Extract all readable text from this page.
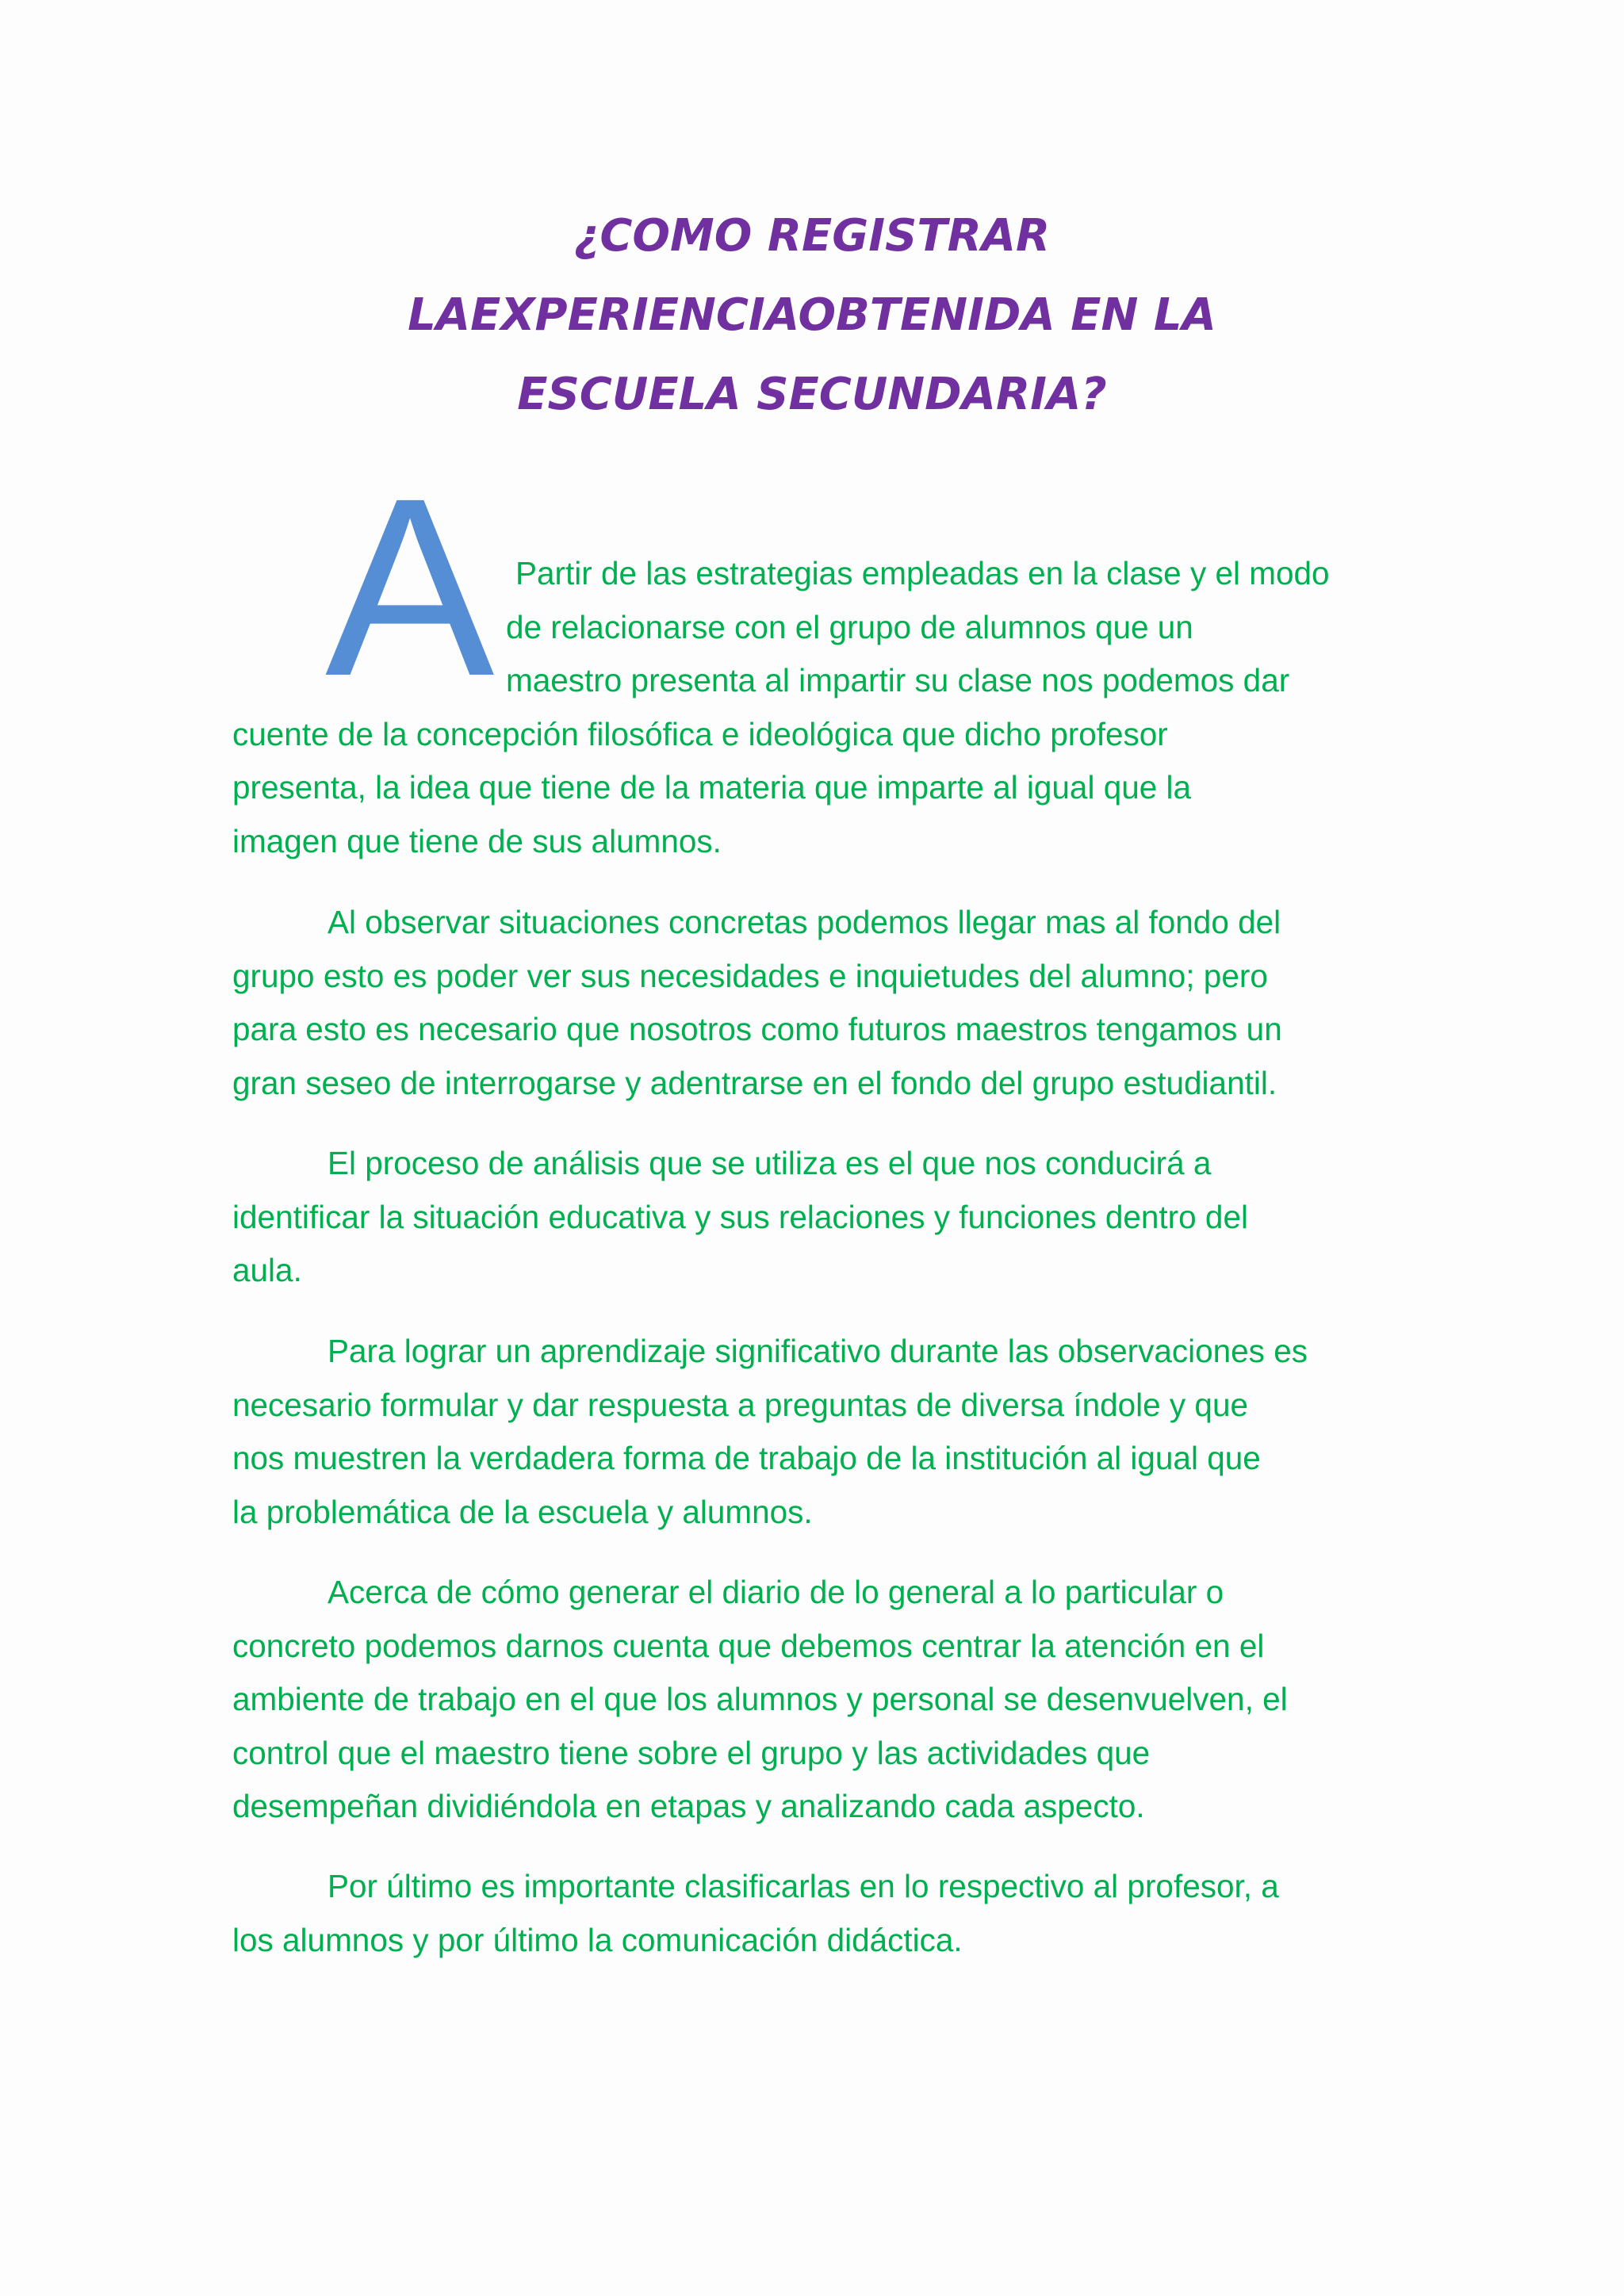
¿COMO REGISTRAR
LAEXPERIENCIAOBTENIDA EN LA
ESCUELA SECUNDARIA?
A Partir de las estrategias empleadas en la clase y el modo
de relacionarse con el grupo de alumnos que un
maestro presenta al impartir su clase nos podemos dar
cuente de la concepción filosófica e ideológica que dicho profesor
presenta, la idea que tiene de la materia que imparte al igual que la
imagen que tiene de sus alumnos.

Al observar situaciones concretas podemos llegar mas al fondo del
grupo esto es poder ver sus necesidades e inquietudes del alumno; pero
para esto es necesario que nosotros como futuros maestros tengamos un
gran seseo de interrogarse y adentrarse en el fondo del grupo estudiantil.

El proceso de análisis que se utiliza es el que nos conducirá a
identificar la situación educativa y sus relaciones y funciones dentro del
aula.

Para lograr un aprendizaje significativo durante las observaciones es
necesario formular y dar respuesta a preguntas de diversa índole y que
nos muestren la verdadera forma de trabajo de la institución al igual que
la problemática de la escuela y alumnos.

Acerca de cómo generar el diario de lo general a lo particular o
concreto podemos darnos cuenta que debemos centrar la atención en el
ambiente de trabajo en el que los alumnos y personal se desenvuelven, el
control que el maestro tiene sobre el grupo y las actividades que
desempeñan dividiéndola en etapas y analizando cada aspecto.

Por último es importante clasificarlas en lo respectivo al profesor, a
los alumnos y por último la comunicación didáctica.
